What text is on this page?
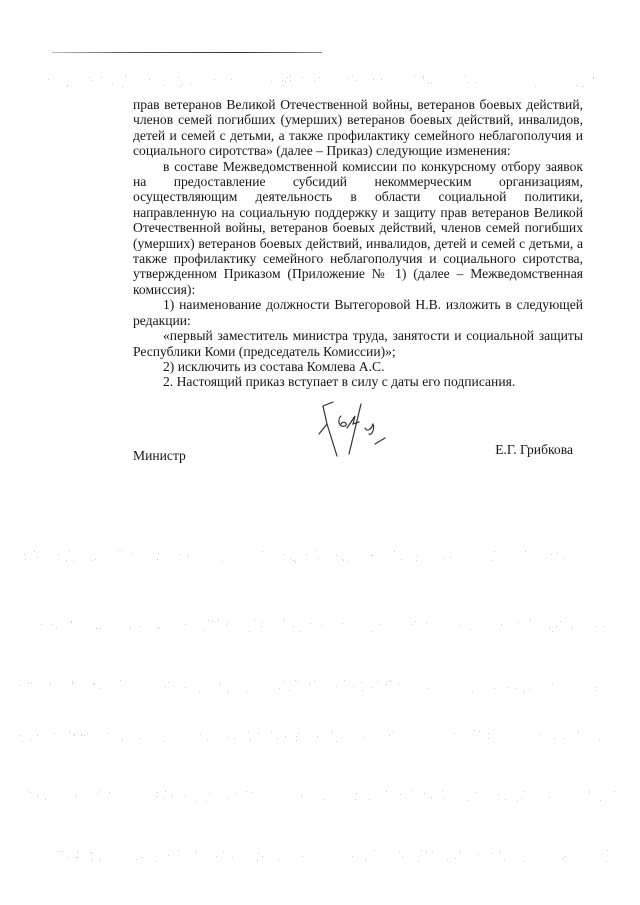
прав ветеранов Великой Отечественной войны, ветеранов боевых действий, членов семей погибших (умерших) ветеранов боевых действий, инвалидов, детей и семей с детьми, а также профилактику семейного неблагополучия и социального сиротства» (далее – Приказ) следующие изменения:

в составе Межведомственной комиссии по конкурсному отбору заявок на предоставление субсидий некоммерческим организациям, осуществляющим деятельность в области социальной политики, направленную на социальную поддержку и защиту прав ветеранов Великой Отечественной войны, ветеранов боевых действий, членов семей погибших (умерших) ветеранов боевых действий, инвалидов, детей и семей с детьми, а также профилактику семейного неблагополучия и социального сиротства, утвержденном Приказом (Приложение № 1) (далее – Межведомственная комиссия):

1) наименование должности Вытегоровой Н.В. изложить в следующей редакции:

«первый заместитель министра труда, занятости и социальной защиты Республики Коми (председатель Комиссии)»;

2) исключить из состава Комлева А.С.

2. Настоящий приказ вступает в силу с даты его подписания.

Министр	Е.Г. Грибкова
